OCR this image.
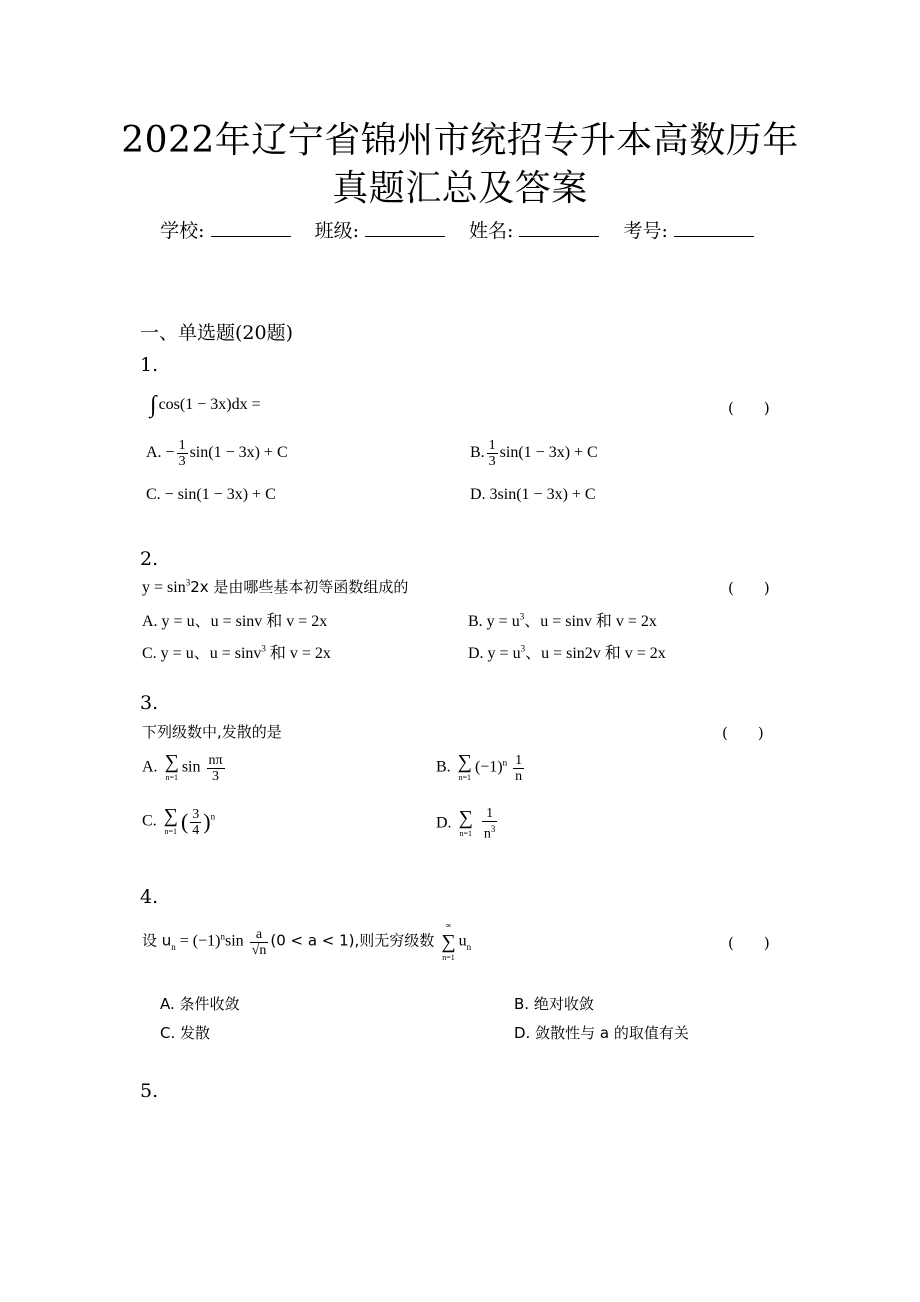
2022年辽宁省锦州市统招专升本高数历年
真题汇总及答案
学校:	班级:	姓名:	考号:
一、单选题(20题)
1.
∫ cos(1 − 3x)dx =	(　　)
A. − $\frac{1}{3} \sin(1 - 3x) + C$	B. $\frac{1}{3} \sin(1 - 3x) + C$
C. − sin(1 − 3x) + C	D. 3sin(1 − 3x) + C
2.
$y = \sin^32x$ 是由哪些基本初等函数组成的	(　　)
A. y = u、u = sinv 和 v = 2x	B. $y = u^3$、u = sinv 和 v = 2x
C. y = u、u = sinv$^3$ 和 v = 2x	D. $y = u^3$、u = sin2v 和 v = 2x
3.
下列级数中,发散的是	(　　)
A. ∑
n=1
$\sin \frac{n\pi}{3}$	B. ∑
n=1
$(-1)^n \frac{1}{n}$
C. ∑
n=1 ( $\frac{3}{4} )^n$	D. ∑
n=1
$\frac{1}{n^3}$
4.
设 $u_n = (-1)^n\sin \frac{a}{√n} (0 < a < 1)$,则无穷级数
∞
∑
n=1
$u_n$	(　　)
A. 条件收敛	B. 绝对收敛
C. 发散	D. 敛散性与 a 的取值有关
5.
